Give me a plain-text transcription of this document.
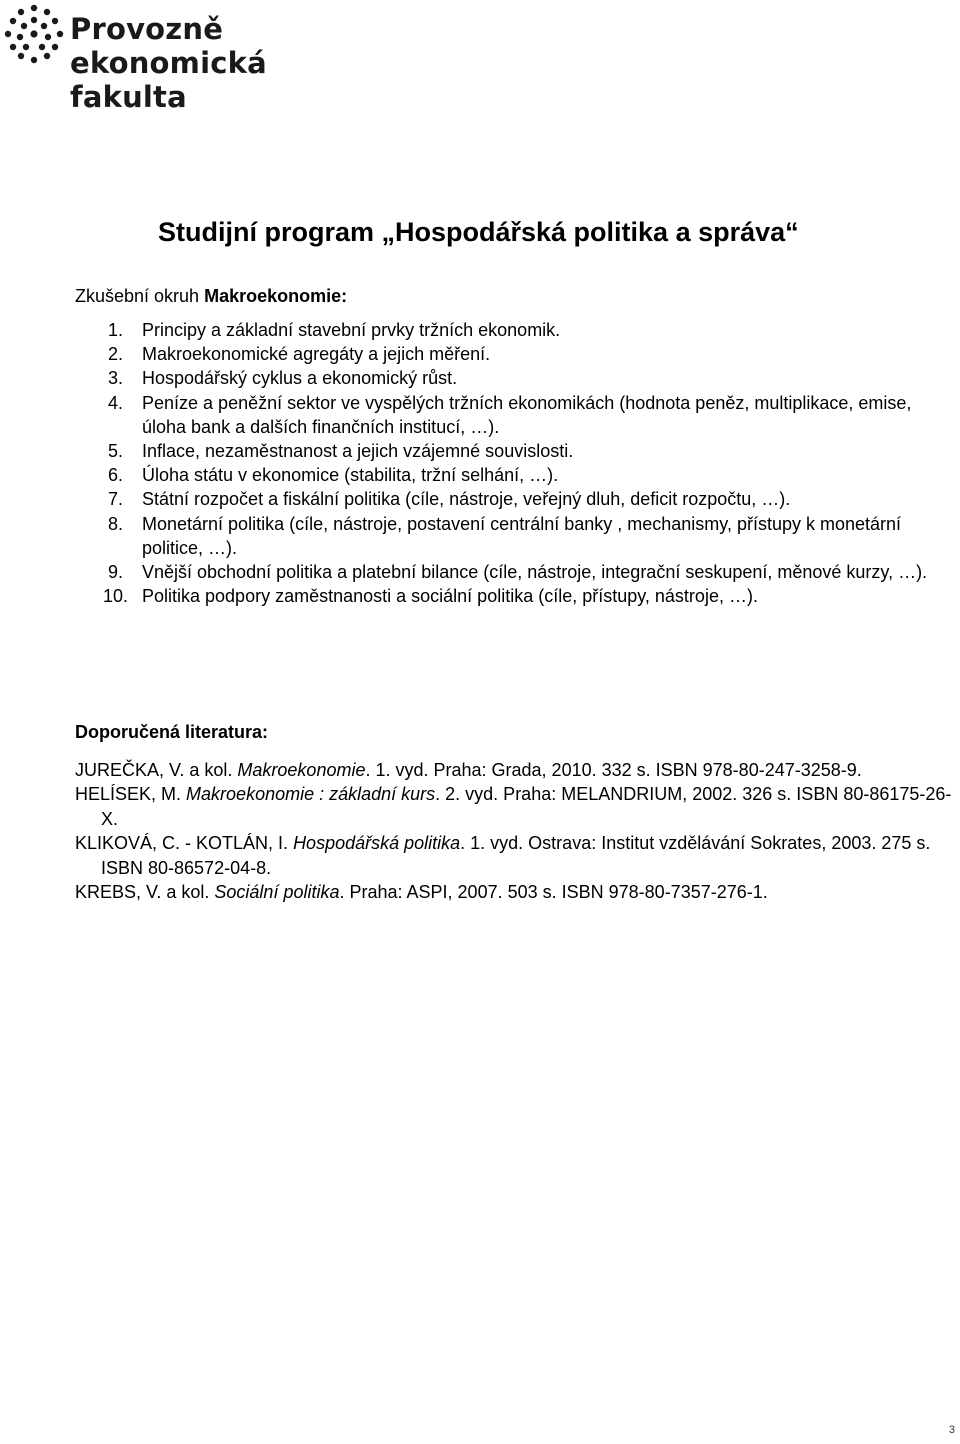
Provozně
ekonomická
fakulta
Studijní program „Hospodářská politika a správa“

Zkušební okruh Makroekonomie:

1. Principy a základní stavební prvky tržních ekonomik.
2. Makroekonomické agregáty a jejich měření.
3. Hospodářský cyklus a ekonomický růst.
4. Peníze a peněžní sektor ve vyspělých tržních ekonomikách (hodnota peněz, multiplikace, emise, úloha bank a dalších finančních institucí, …).
5. Inflace, nezaměstnanost a jejich vzájemné souvislosti.
6. Úloha státu v ekonomice (stabilita, tržní selhání, …).
7. Státní rozpočet a fiskální politika (cíle, nástroje, veřejný dluh, deficit rozpočtu, …).
8. Monetární politika (cíle, nástroje, postavení centrální banky , mechanismy, přístupy k monetární politice, …).
9. Vnější obchodní politika a platební bilance (cíle, nástroje, integrační seskupení, měnové kurzy, …).
10. Politika podpory zaměstnanosti a sociální politika (cíle, přístupy, nástroje, …).
Doporučená literatura:
JUREČKA, V. a kol. Makroekonomie. 1. vyd. Praha: Grada, 2010. 332 s. ISBN 978-80-247-3258-9.
HELÍSEK, M. Makroekonomie : základní kurs. 2. vyd. Praha: MELANDRIUM, 2002. 326 s. ISBN 80-86175-26-X.
KLIKOVÁ, C. - KOTLÁN, I. Hospodářská politika. 1. vyd. Ostrava: Institut vzdělávání Sokrates, 2003. 275 s. ISBN 80-86572-04-8.
KREBS, V. a kol. Sociální politika. Praha: ASPI, 2007. 503 s. ISBN 978-80-7357-276-1.
3
